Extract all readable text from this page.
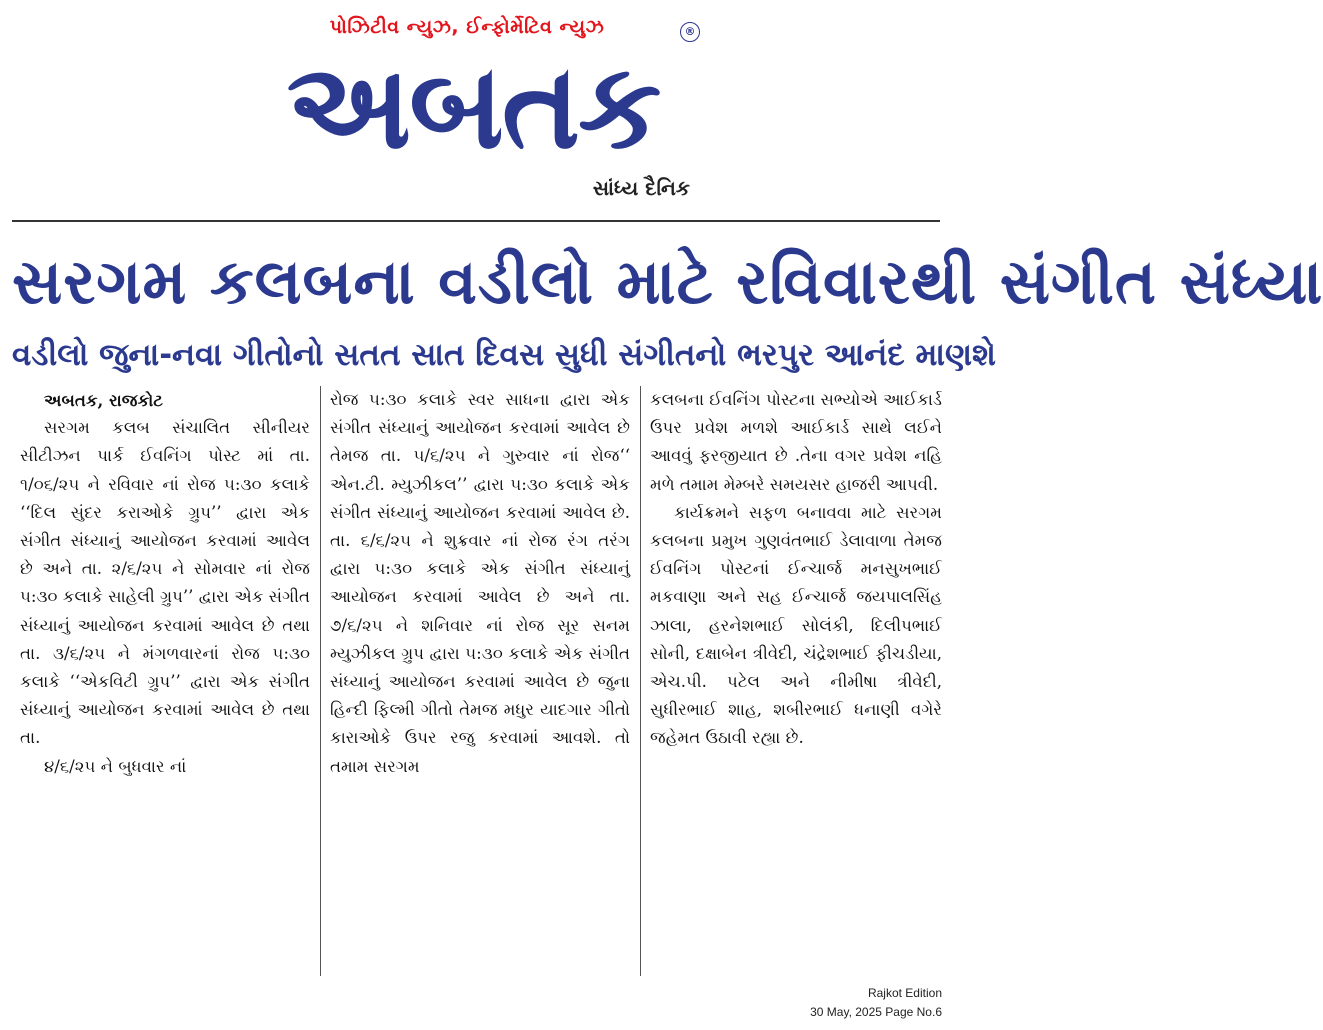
પોઝિટીવ ન્યુઝ, ઈન્ફોર્મેટિવ ન્યુઝ	®
અબતક
સાંધ્ય દૈનિક
સરગમ કલબના વડીલો માટે રવિવારથી સંગીત સંધ્યા
વડીલો જુના-નવા ગીતોનો સતત સાત દિવસ સુધી સંગીતનો ભરપુર આનંદ માણશે

અબતક, રાજકોટ

સરગમ કલબ સંચાલિત સીનીયર સીટીઝન પાર્ક ઈવનિંગ પોસ્ટ માં તા. ૧/૦૬/૨૫ ને રવિવાર નાં રોજ ૫:૩૦ કલાકે ‘‘દિલ સુંદર કરાઓકે ગ્રુપ’’ દ્વારા એક સંગીત સંધ્યાનું આયોજન કરવામાં આવેલ છે અને તા. ૨/૬/૨૫ ને સોમવાર નાં રોજ ૫:૩૦ કલાકે સાહેલી ગ્રુપ’’ દ્વારા એક સંગીત સંધ્યાનું આયોજન કરવામાં આવેલ છે તથા તા. ૩/૬/૨૫ ને મંગળવારનાં રોજ ૫:૩૦ કલાકે ‘‘એકવિટી ગ્રુપ’’ દ્વારા એક સંગીત સંધ્યાનું આયોજન કરવામાં આવેલ છે તથા તા.

૪/૬/૨૫ ને બુધવાર નાં

રોજ ૫:૩૦ કલાકે સ્વર સાધના દ્વારા એક સંગીત સંધ્યાનું આયોજન કરવામાં આવેલ છે તેમજ તા. ૫/૬/૨૫ ને ગુરુવાર નાં રોજ‘‘ એન.ટી. મ્યુઝીકલ’’ દ્વારા ૫:૩૦ કલાકે એક સંગીત સંધ્યાનું આયોજન કરવામાં આવેલ છે. તા. ૬/૬/૨૫ ને શુક્રવાર નાં રોજ રંગ તરંગ દ્વારા ૫:૩૦ કલાકે એક સંગીત સંધ્યાનું આયોજન કરવામાં આવેલ છે અને તા. ૭/૬/૨૫ ને શનિવાર નાં રોજ સૂર સનમ મ્યુઝીકલ ગ્રુપ દ્વારા ૫:૩૦ કલાકે એક સંગીત સંધ્યાનું આયોજન કરવામાં આવેલ છે જુના હિન્દી ફિલ્મી ગીતો તેમજ મધુર યાદગાર ગીતો કારાઓકે ઉપર રજુ કરવામાં આવશે. તો તમામ સરગમ

કલબના ઈવનિંગ પોસ્ટના સભ્યોએ આઈકાર્ડ ઉપર પ્રવેશ મળશે આઈકાર્ડ સાથે લઈને આવવું ફરજીયાત છે .તેના વગર પ્રવેશ નહિ મળે તમામ મેમ્બરે સમયસર હાજરી આપવી.

કાર્યક્રમને સફળ બનાવવા માટે સરગમ કલબના પ્રમુખ ગુણવંતભાઈ ડેલાવાળા તેમજ ઈવનિંગ પોસ્ટનાં ઈન્ચાર્જ મનસુખભાઈ મકવાણા અને સહ ઈન્ચાર્જ જયપાલસિંહ ઝાલા, હરનેશભાઈ સોલંકી, દિલીપભાઈ સોની, દક્ષાબેન ત્રીવેદી, ચંદ્રેશભાઈ ફીચડીયા, એચ.પી. પટેલ અને નીમીષા ત્રીવેદી, સુધીરભાઈ શાહ, શબીરભાઈ ધનાણી વગેરે જહેમત ઉઠાવી રહ્યા છે.

Rajkot Edition
30 May, 2025 Page No.6
